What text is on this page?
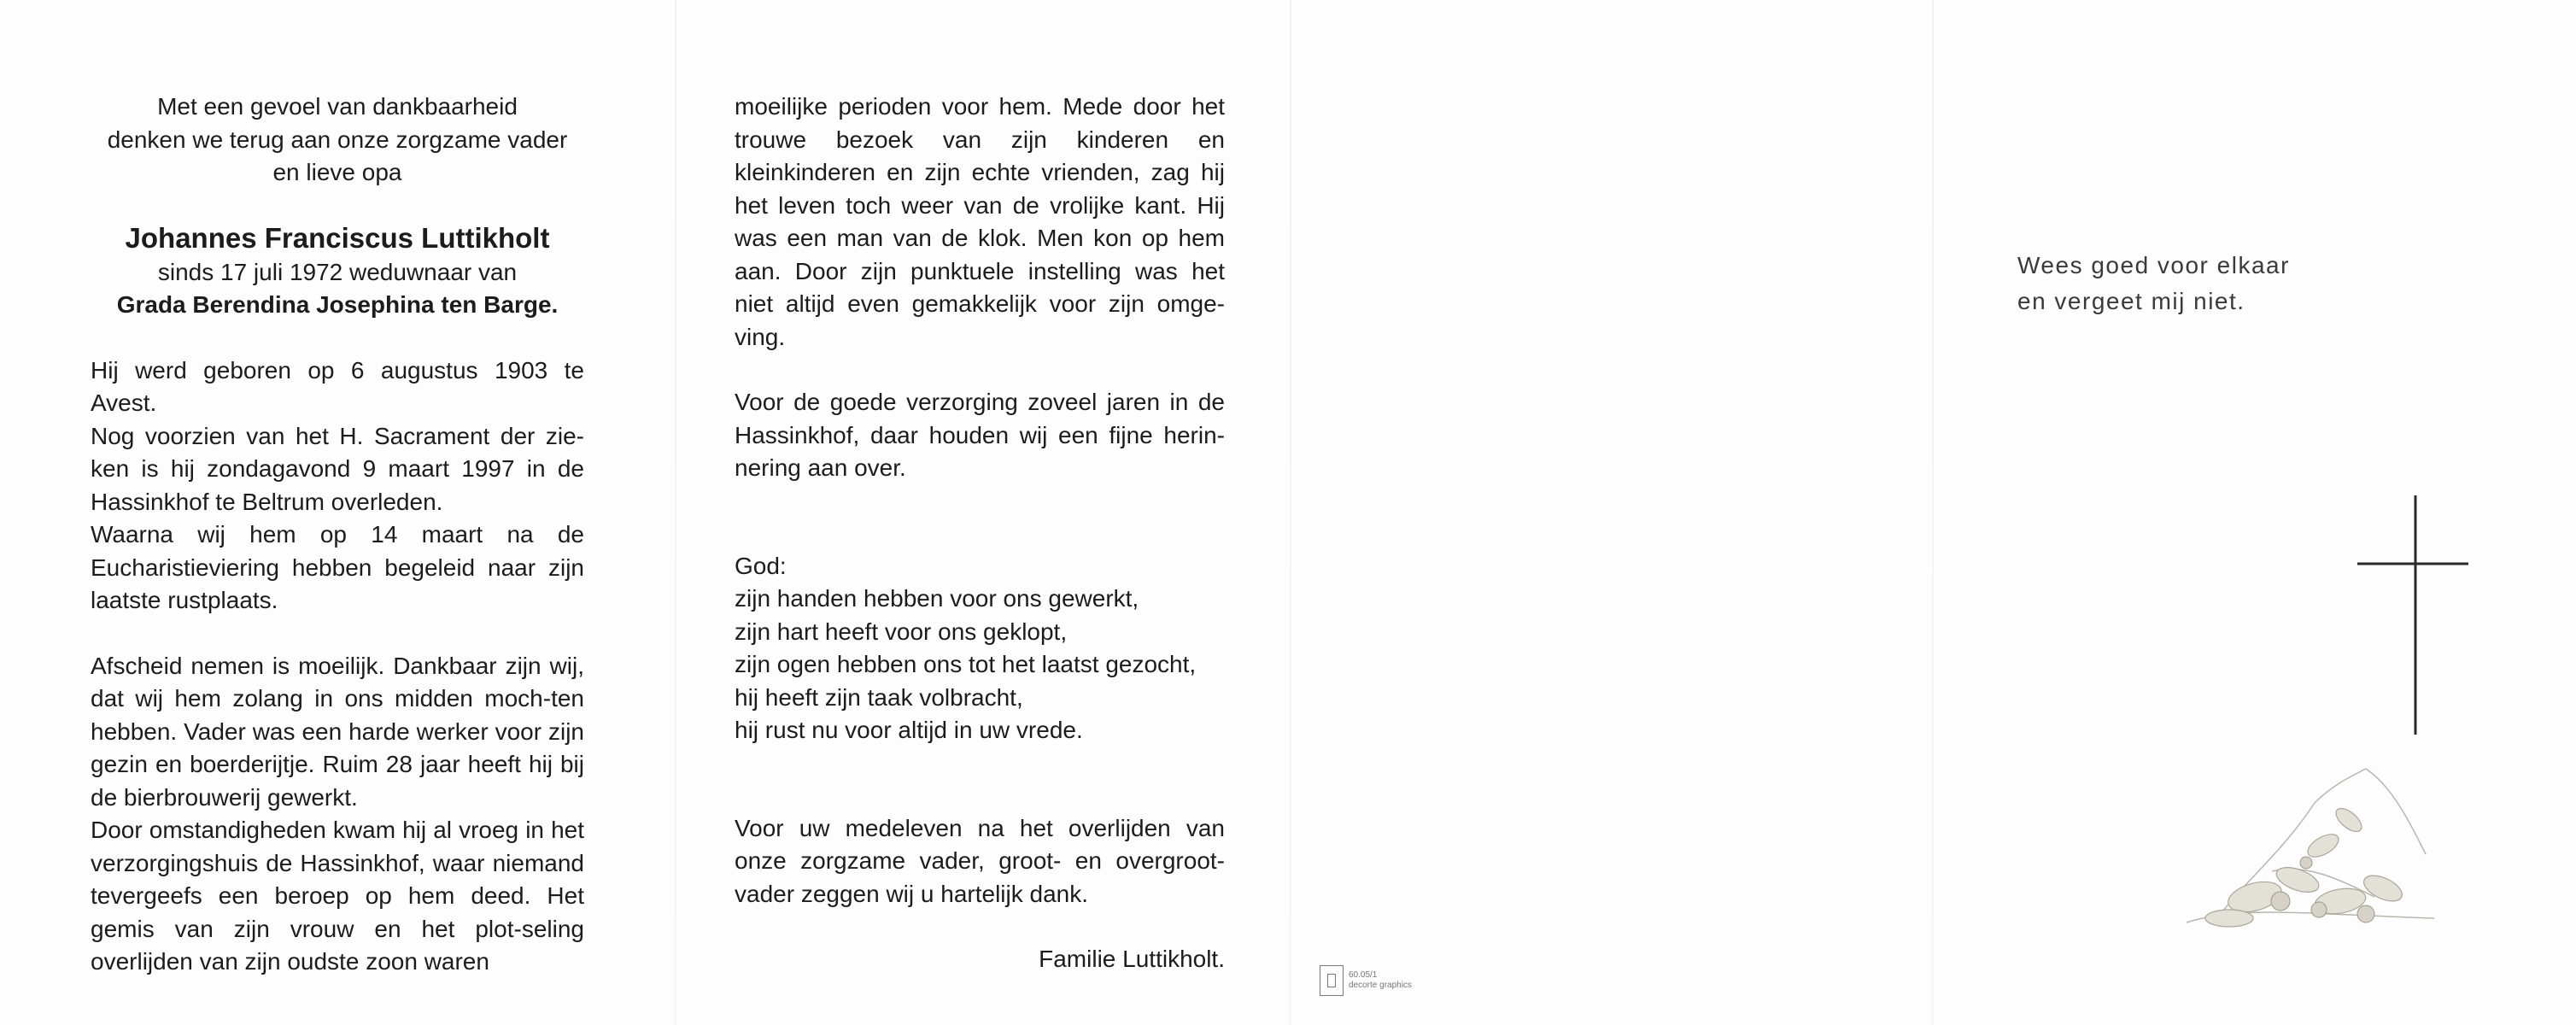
Met een gevoel van dankbaarheid

denken we terug aan onze zorgzame vader

en lieve opa

Johannes Franciscus Luttikholt

sinds 17 juli 1972 weduwnaar van

Grada Berendina Josephina ten Barge.

Hij werd geboren op 6 augustus 1903 te Avest.

Nog voorzien van het H. Sacrament der zie-ken is hij zondagavond 9 maart 1997 in de Hassinkhof te Beltrum overleden.

Waarna wij hem op 14 maart na de Eucharistieviering hebben begeleid naar zijn laatste rustplaats.

Afscheid nemen is moeilijk. Dankbaar zijn wij, dat wij hem zolang in ons midden moch-ten hebben. Vader was een harde werker voor zijn gezin en boerderijtje. Ruim 28 jaar heeft hij bij de bierbrouwerij gewerkt.

Door omstandigheden kwam hij al vroeg in het verzorgingshuis de Hassinkhof, waar niemand tevergeefs een beroep op hem deed. Het gemis van zijn vrouw en het plot-seling overlijden van zijn oudste zoon waren

moeilijke perioden voor hem. Mede door het trouwe bezoek van zijn kinderen en kleinkinderen en zijn echte vrienden, zag hij het leven toch weer van de vrolijke kant. Hij was een man van de klok. Men kon op hem aan. Door zijn punktuele instelling was het niet altijd even gemakkelijk voor zijn omge-ving.

Voor de goede verzorging zoveel jaren in de Hassinkhof, daar houden wij een fijne herin-nering aan over.

God:

zijn handen hebben voor ons gewerkt,

zijn hart heeft voor ons geklopt,

zijn ogen hebben ons tot het laatst gezocht,

hij heeft zijn taak volbracht,

hij rust nu voor altijd in uw vrede.

Voor uw medeleven na het overlijden van onze zorgzame vader, groot- en overgroot-vader zeggen wij u hartelijk dank.

Familie Luttikholt.

60.05/1
decorte graphics
Wees goed voor elkaar
en vergeet mij niet.
